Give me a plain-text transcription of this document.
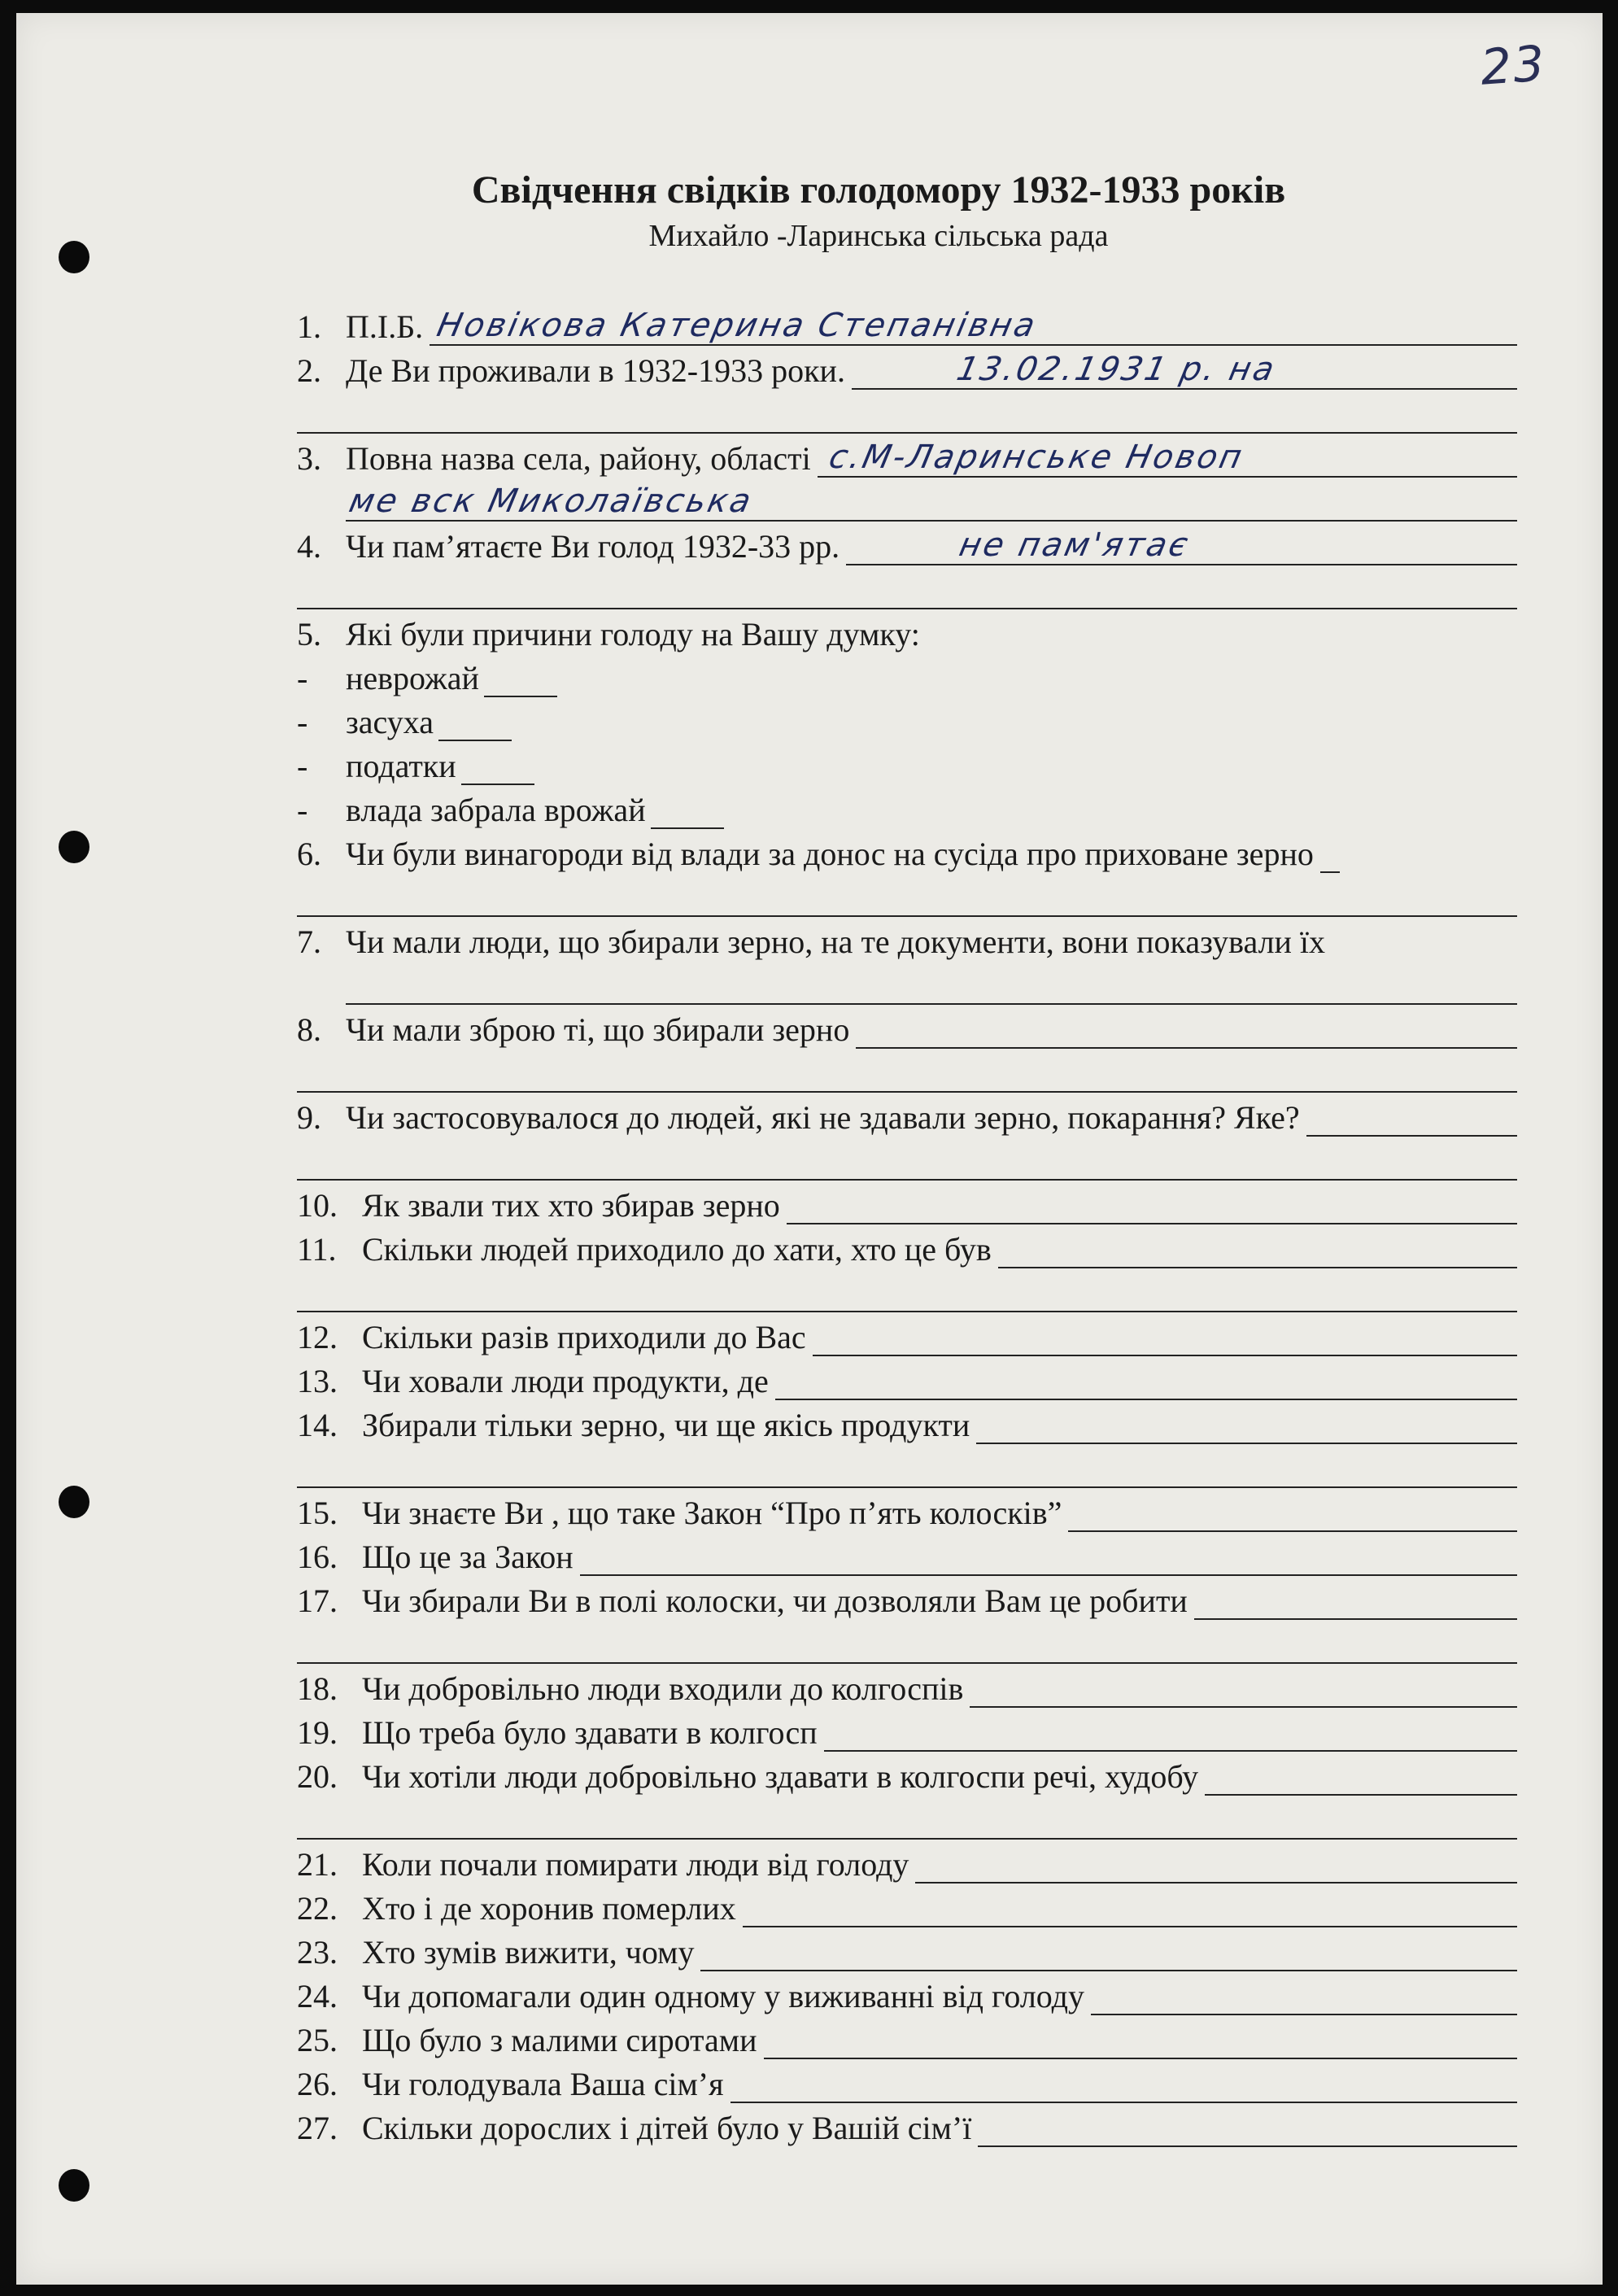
23
Свідчення свідків голодомору 1932-1933 років
Михайло -Ларинська сільська рада
1. П.І.Б. Новікова Катерина Степанівна
2. Де Ви проживали в 1932-1933 роки.	13.02.1931 р. на
3. Повна назва села, району, області с.М-Ларинське Новоп
ме вск Миколаївська
4. Чи пам’ятаєте Ви голод 1932-33 рр.	не пам'ятає
5. Які були причини голоду на Вашу думку:
-	неврожай
-	засуха
-	податки
-	влада забрала врожай
6. Чи були винагороди від влади за донос на сусіда про приховане зерно
7. Чи мали люди, що збирали зерно, на те документи, вони показували їх
8. Чи мали зброю ті, що збирали зерно
9. Чи застосовувалося до людей, які не здавали зерно, покарання? Яке?
10. Як звали тих хто збирав зерно
11. Скільки людей приходило до хати, хто це був
12. Скільки разів приходили до Вас
13. Чи ховали люди продукти, де
14. Збирали тільки зерно, чи ще якісь продукти
15. Чи знаєте Ви , що таке Закон “Про п’ять колосків”
16. Що це за Закон
17. Чи збирали Ви в полі колоски, чи дозволяли Вам це робити
18. Чи добровільно люди входили до колгоспів
19. Що треба було здавати в колгосп
20. Чи хотіли люди добровільно здавати в колгоспи речі, худобу
21. Коли почали помирати люди від голоду
22. Хто і де хоронив померлих
23. Хто зумів вижити, чому
24. Чи допомагали один одному у виживанні від голоду
25. Що було з малими сиротами
26. Чи голодувала Ваша сім’я
27. Скільки дорослих і дітей було у Вашій сім’ї
